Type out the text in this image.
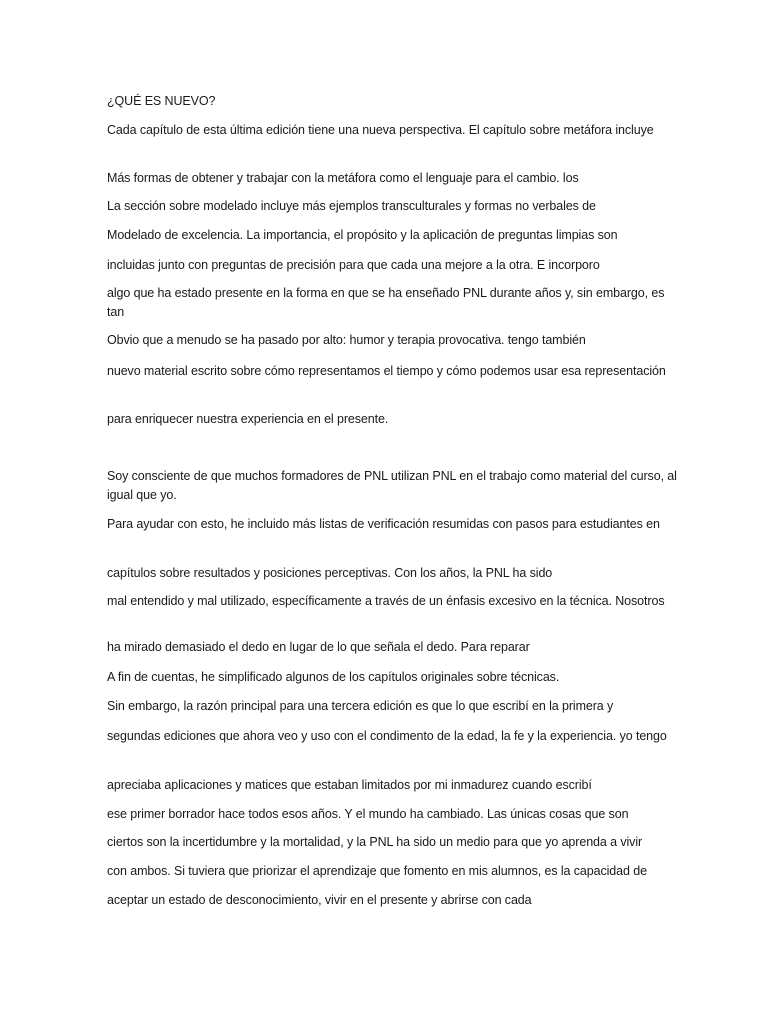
¿QUÉ ES NUEVO?

Cada capítulo de esta última edición tiene una nueva perspectiva. El capítulo sobre metáfora incluye

Más formas de obtener y trabajar con la metáfora como el lenguaje para el cambio. los

La sección sobre modelado incluye más ejemplos transculturales y formas no verbales de

Modelado de excelencia. La importancia, el propósito y la aplicación de preguntas limpias son

incluidas junto con preguntas de precisión para que cada una mejore a la otra. E incorporo

algo que ha estado presente en la forma en que se ha enseñado PNL durante años y, sin embargo, es tan

Obvio que a menudo se ha pasado por alto: humor y terapia provocativa. tengo también

nuevo material escrito sobre cómo representamos el tiempo y cómo podemos usar esa representación

para enriquecer nuestra experiencia en el presente.

Soy consciente de que muchos formadores de PNL utilizan PNL en el trabajo como material del curso, al igual que yo.

Para ayudar con esto, he incluido más listas de verificación resumidas con pasos para estudiantes en

capítulos sobre resultados y posiciones perceptivas. Con los años, la PNL ha sido

mal entendido y mal utilizado, específicamente a través de un énfasis excesivo en la técnica. Nosotros

ha mirado demasiado el dedo en lugar de lo que señala el dedo. Para reparar

A fin de cuentas, he simplificado algunos de los capítulos originales sobre técnicas.

Sin embargo, la razón principal para una tercera edición es que lo que escribí en la primera y

segundas ediciones que ahora veo y uso con el condimento de la edad, la fe y la experiencia. yo tengo

apreciaba aplicaciones y matices que estaban limitados por mi inmadurez cuando escribí

ese primer borrador hace todos esos años. Y el mundo ha cambiado. Las únicas cosas que son

ciertos son la incertidumbre y la mortalidad, y la PNL ha sido un medio para que yo aprenda a vivir

con ambos. Si tuviera que priorizar el aprendizaje que fomento en mis alumnos, es la capacidad de

aceptar un estado de desconocimiento, vivir en el presente y abrirse con cada
